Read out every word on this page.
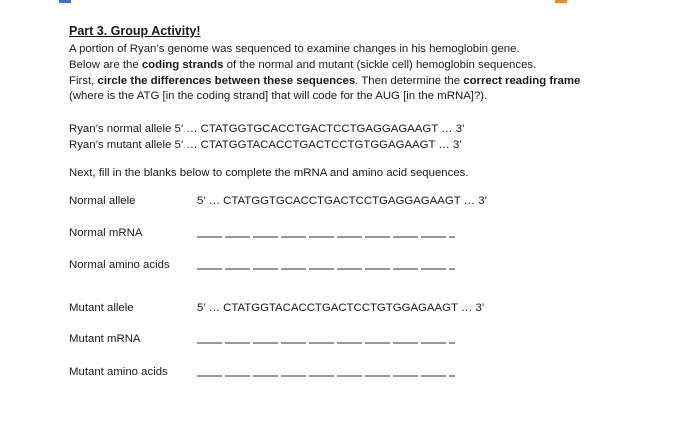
Part 3. Group Activity!
A portion of Ryan’s genome was sequenced to examine changes in his hemoglobin gene.
Below are the coding strands of the normal and mutant (sickle cell) hemoglobin sequences.
First, circle the differences between these sequences. Then determine the correct reading frame
(where is the ATG [in the coding strand] that will code for the AUG [in the mRNA]?).
Ryan’s normal allele 5’ … CTATGGTGCACCTGACTCCTGAGGAGAAGT … 3’
Ryan’s mutant allele 5’ … CTATGGTACACCTGACTCCTGTGGAGAAGT … 3’
Next, fill in the blanks below to complete the mRNA and amino acid sequences.
Normal allele	5’ … CTATGGTGCACCTGACTCCTGAGGAGAAGT … 3’
Normal mRNA
Normal amino acids
Mutant allele	5’ … CTATGGTACACCTGACTCCTGTGGAGAAGT … 3’
Mutant mRNA
Mutant amino acids
